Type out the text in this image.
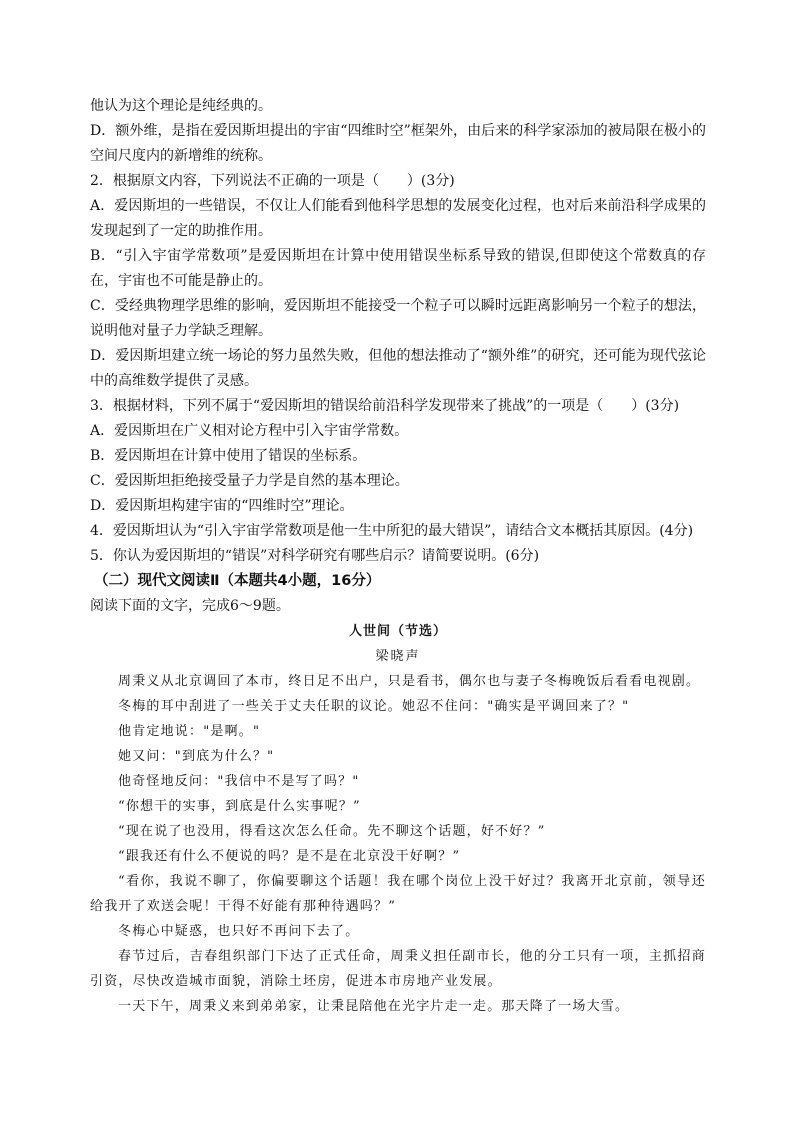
他认为这个理论是纯经典的。

D．额外维，是指在爱因斯坦提出的宇宙“四维时空”框架外，由后来的科学家添加的被局限在极小的空间尺度内的新增维的统称。

2．根据原文内容，下列说法不正确的一项是（　　）(3分)

A．爱因斯坦的一些错误，不仅让人们能看到他科学思想的发展变化过程，也对后来前沿科学成果的发现起到了一定的助推作用。

B．“引入宇宙学常数项”是爱因斯坦在计算中使用错误坐标系导致的错误,但即使这个常数真的存在，宇宙也不可能是静止的。

C．受经典物理学思维的影响，爱因斯坦不能接受一个粒子可以瞬时远距离影响另一个粒子的想法，说明他对量子力学缺乏理解。

D．爱因斯坦建立统一场论的努力虽然失败，但他的想法推动了“额外维”的研究，还可能为现代弦论中的高维数学提供了灵感。

3．根据材料，下列不属于“爱因斯坦的错误给前沿科学发现带来了挑战”的一项是（　　）(3分)

A．爱因斯坦在广义相对论方程中引入宇宙学常数。

B．爱因斯坦在计算中使用了错误的坐标系。

C．爱因斯坦拒绝接受量子力学是自然的基本理论。

D．爱因斯坦构建宇宙的“四维时空”理论。

4．爱因斯坦认为“引入宇宙学常数项是他一生中所犯的最大错误”，请结合文本概括其原因。(4分)

5．你认为爱因斯坦的“错误”对科学研究有哪些启示？请简要说明。(6分)

（二）现代文阅读Ⅱ（本题共4小题，16分）

阅读下面的文字，完成6～9题。

人世间（节选）

梁晓声

周秉义从北京调回了本市，终日足不出户，只是看书，偶尔也与妻子冬梅晚饭后看看电视剧。

冬梅的耳中刮进了一些关于丈夫任职的议论。她忍不住问："确实是平调回来了？"

他肯定地说："是啊。"

她又问："到底为什么？"

他奇怪地反问："我信中不是写了吗？"

“你想干的实事，到底是什么实事呢？”

“现在说了也没用，得看这次怎么任命。先不聊这个话题，好不好？”

“跟我还有什么不便说的吗？是不是在北京没干好啊？”

“看你，我说不聊了，你偏要聊这个话题！我在哪个岗位上没干好过？我离开北京前，领导还给我开了欢送会呢！干得不好能有那种待遇吗？”

冬梅心中疑惑，也只好不再问下去了。

春节过后，吉春组织部门下达了正式任命，周秉义担任副市长，他的分工只有一项，主抓招商引资，尽快改造城市面貌，消除土坯房，促进本市房地产业发展。

一天下午，周秉义来到弟弟家，让秉昆陪他在光字片走一走。那天降了一场大雪。
